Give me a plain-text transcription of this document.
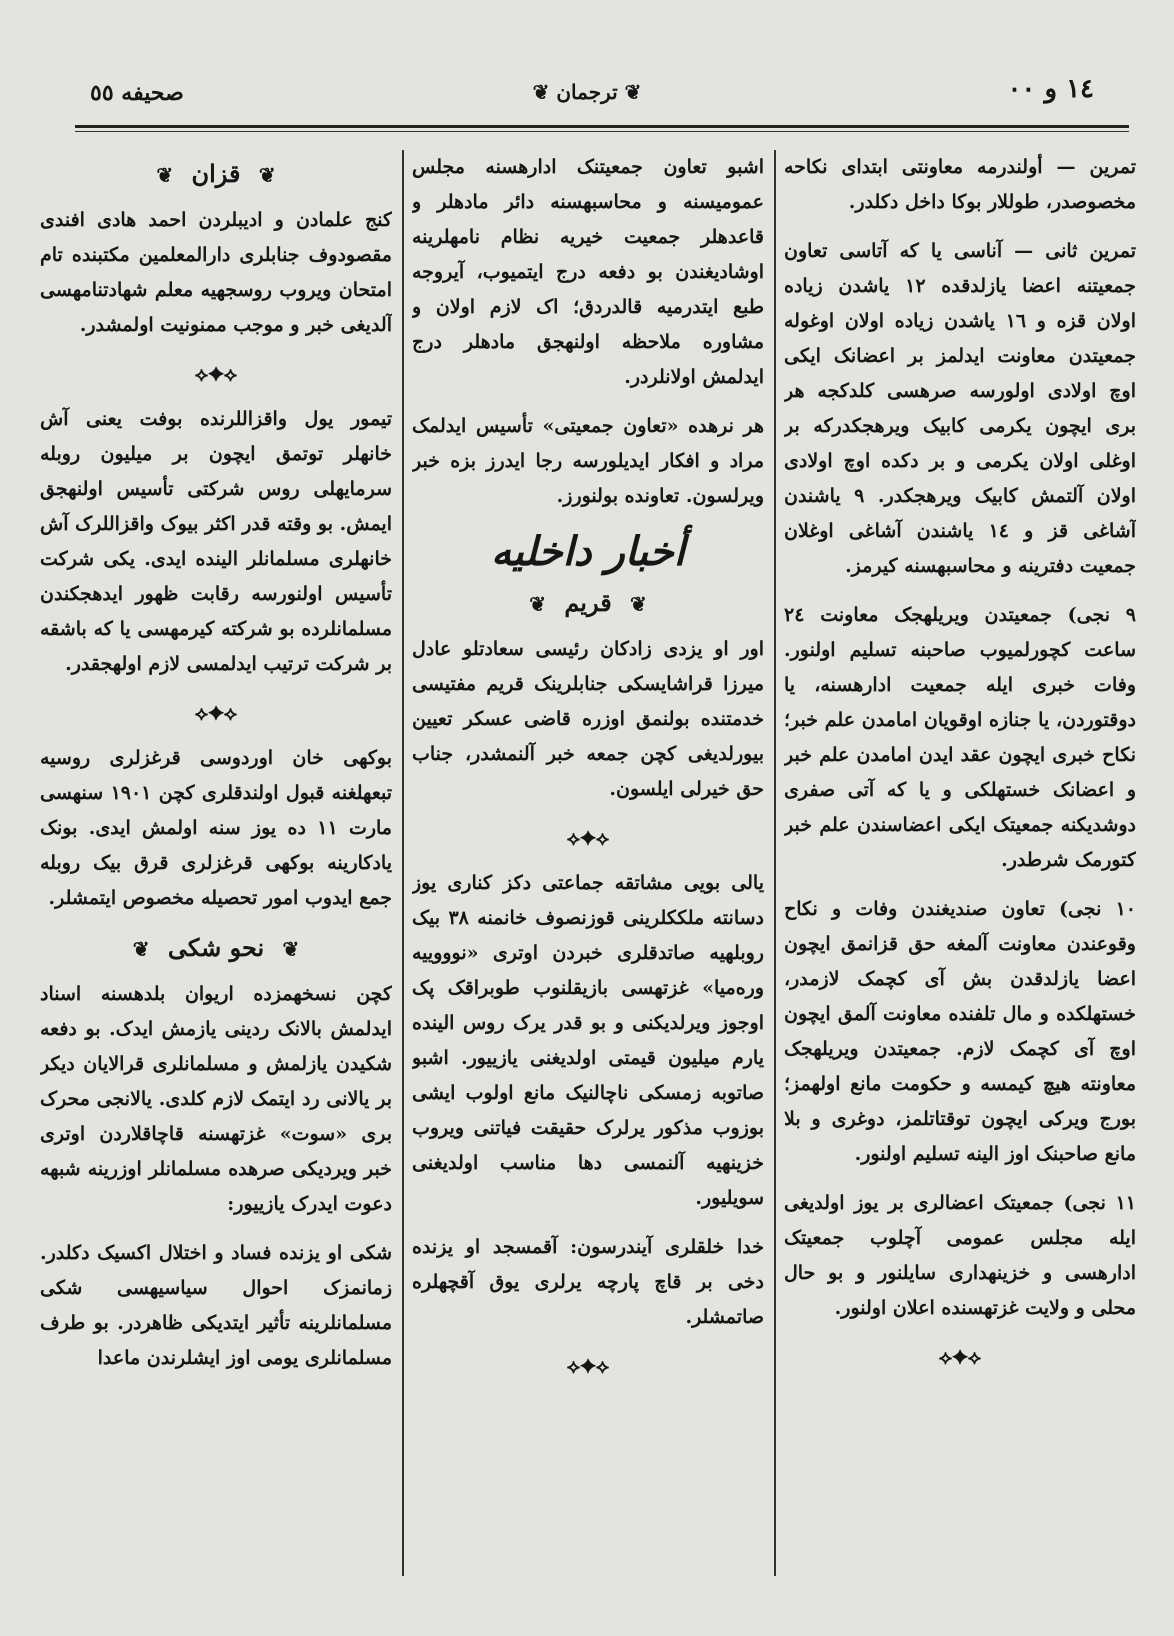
صحیفه ٥٥	❦ ترجمان ❦	١٤ و ٠٠

تمرین — أولندرمه معاونتی ابتدای نکاحه مخصوصدر، طوللار بوکا داخل دکلدر.

تمرین ثانی — آناسی یا که آتاسی تعاون جمعیتنه اعضا یازلدقده ١٢ یاشدن زیاده اولان قزه و ١٦ یاشدن زیاده اولان اوغوله جمعیتدن معاونت ایدلمز بر اعضانک ایکی اوچ اولادی اولورسه صرهسی کلدکجه هر بری ایچون یکرمی کابیک ویرهجکدرکه بر اوغلی اولان یکرمی و بر دکده اوچ اولادی اولان آلتمش کابیک ویرهجکدر. ٩ یاشندن آشاغی قز و ١٤ یاشندن آشاغی اوغلان جمعیت دفترینه و محاسبهسنه کیرمز.

٩ نجی) جمعیتدن ویریلهجک معاونت ٢٤ ساعت کچورلمیوب صاحبنه تسلیم اولنور. وفات خبری ایله جمعیت ادارهسنه، یا دوقتوردن، یا جنازه اوقویان امامدن علم خبر؛ نکاح خبری ایچون عقد ایدن امامدن علم خبر و اعضانک خستهلکی و یا که آتی صفری دوشدیکنه جمعیتک ایکی اعضاسندن علم خبر کتورمک شرطدر.

١٠ نجی) تعاون صندیغندن وفات و نکاح وقوعندن معاونت آلمغه حق قزانمق ایچون اعضا یازلدقدن بش آی کچمک لازمدر، خستهلکده و مال تلفنده معاونت آلمق ایچون اوچ آی کچمک لازم. جمعیتدن ویریلهجک معاونته هیچ کیمسه و حکومت مانع اولهمز؛ بورج ویرکی ایچون توقتاتلمز، دوغری و بلا مانع صاحبنک اوز الینه تسلیم اولنور.

١١ نجی) جمعیتک اعضالری بر یوز اولدیغی ایله مجلس عمومی آچلوب جمعیتک ادارهسی و خزینهداری سایلنور و بو حال محلی و ولایت غزتهسنده اعلان اولنور.

⟡✦⟡

اشبو تعاون جمعیتنک ادارهسنه مجلس عمومیسنه و محاسبهسنه دائر مادهلر و قاعدهلر جمعیت خیریه نظام نامهلرینه اوشادیغندن بو دفعه درج ایتمیوب، آیروجه طبع ایتدرمیه قالدردق؛ اک لازم اولان و مشاوره ملاحظه اولنهجق مادهلر درج ایدلمش اولانلردر.

هر نرهده «تعاون جمعیتی» تأسیس ایدلمک مراد و افکار ایدیلورسه رجا ایدرز بزه خبر ویرلسون. تعاونده بولنورز.

أخبار داخلیه
❦ قریم ❦

اور او یزدی زادکان رئیسی سعادتلو عادل میرزا قراشایسکی جنابلرینک قریم مفتیسی خدمتنده بولنمق اوزره قاضی عسکر تعیین بیورلدیغی کچن جمعه خبر آلنمشدر، جناب حق خیرلی ایلسون.

⟡✦⟡

یالی بویی مشاتقه جماعتی دکز کناری یوز دسانته ملککلرینی قوزنصوف خانمنه ٣٨ بیک روبلهیه صاتدقلری خبردن اوتری «نوووییه وره‌میا» غزتهسی بازیقلنوب طوبراقک پک اوجوز ویرلدیکنی و بو قدر یرک روس الینده یارم میلیون قیمتی اولدیغنی یازییور. اشبو صاتوبه زمسکی ناچالنیک مانع اولوب ایشی بوزوب مذکور یرلرک حقیقت فیاتنی ویروب خزینهیه آلنمسی دها مناسب اولدیغنی سویلیور.

خدا خلقلری آیندرسون: آقمسجد او یزنده دخی بر قاچ پارچه یرلری یوق آقچهلره صاتمشلر.

⟡✦⟡
❦ قزان ❦

کنج علمادن و ادیبلردن احمد هادی افندی مقصودوف جنابلری دارالمعلمین مکتبنده تام امتحان ویروب روسجهیه معلم شهادتنامهسی آلدیغی خبر و موجب ممنونیت اولمشدر.

⟡✦⟡

تیمور یول واقزاللرنده بوفت یعنی آش خانهلر توتمق ایچون بر میلیون روبله سرمایهلی روس شرکتی تأسیس اولنهجق ایمش. بو وقته قدر اکثر بیوک واقزاللرک آش خانهلری مسلمانلر الینده ایدی. یکی شرکت تأسیس اولنورسه رقابت ظهور ایدهجکندن مسلمانلرده بو شرکته کیرمهسی یا که باشقه بر شرکت ترتیب ایدلمسی لازم اولهجقدر.

⟡✦⟡

بوکهی خان اوردوسی قرغزلری روسیه تبعهلغنه قبول اولندقلری کچن ١٩٠١ سنهسی مارت ١١ ده یوز سنه اولمش ایدی. بونک یادکارینه بوکهی قرغزلری قرق بیک روبله جمع ایدوب امور تحصیله مخصوص ایتمشلر.

❦ نحو شکی ❦

کچن نسخهمزده اریوان بلدهسنه اسناد ایدلمش بالانک ردینی یازمش ایدک. بو دفعه شکیدن یازلمش و مسلمانلری قرالایان دیکر بر یالانی رد ایتمک لازم کلدی. یالانجی محرک بری «سوت» غزتهسنه قاچاقلاردن اوتری خبر ویردیکی صرهده مسلمانلر اوزرینه شبهه دعوت ایدرک یازییور:

شکی او یزنده فساد و اختلال اکسیک دکلدر. زمانمزک احوال سیاسیهسی شکی مسلمانلرینه تأثیر ایتدیکی ظاهردر. بو طرف مسلمانلری یومی اوز ایشلرندن ماعدا
